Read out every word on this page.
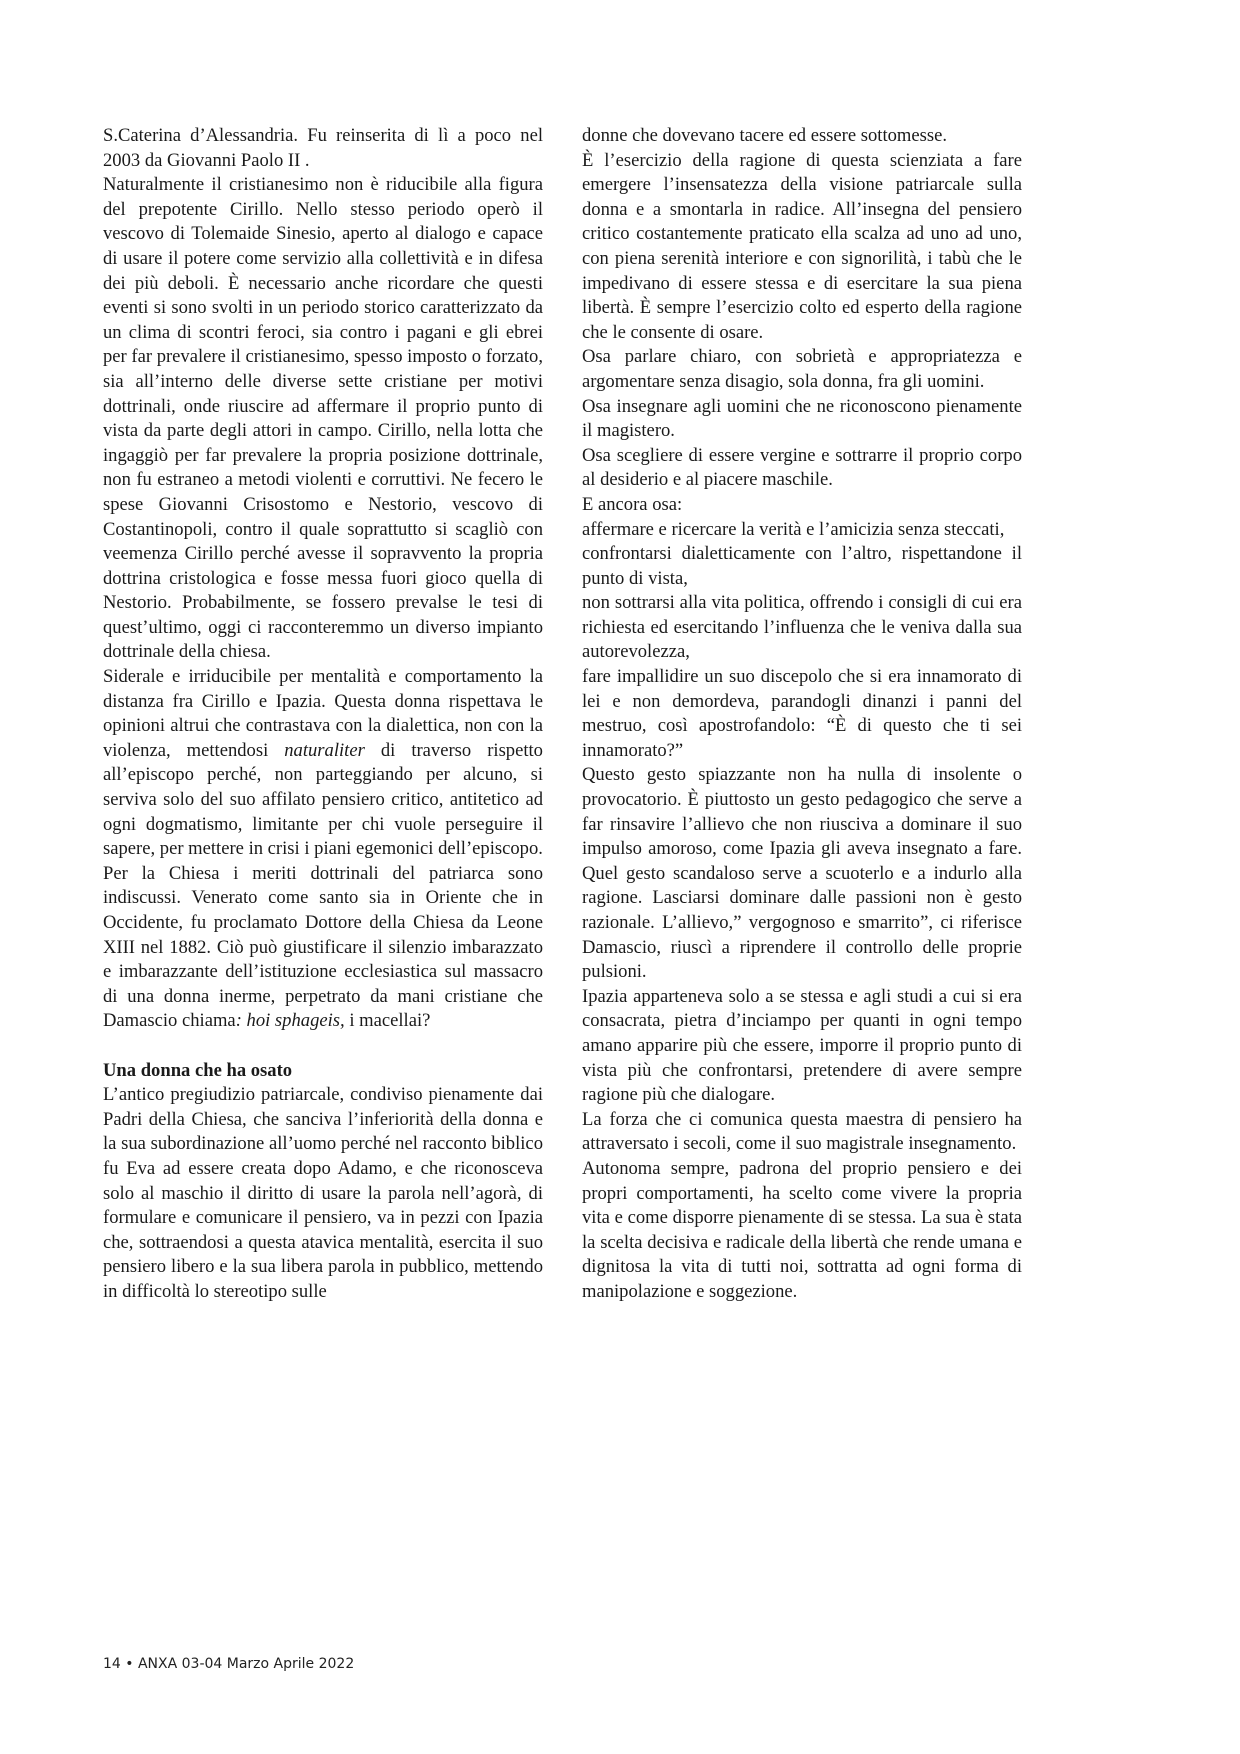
S.Caterina d’Alessandria. Fu reinserita di lì a poco nel 2003 da Giovanni Paolo II .

Naturalmente il cristianesimo non è riducibile alla figura del prepotente Cirillo. Nello stesso periodo operò il vescovo di Tolemaide Sinesio, aperto al dialogo e capace di usare il potere come servizio alla collettività e in difesa dei più deboli. È necessario anche ricordare che questi eventi si sono svolti in un periodo storico caratterizzato da un clima di scontri feroci, sia contro i pagani e gli ebrei per far prevalere il cristianesimo, spesso imposto o forzato, sia all’interno delle diverse sette cristiane per motivi dottrinali, onde riuscire ad affermare il proprio punto di vista da parte degli attori in campo. Cirillo, nella lotta che ingaggiò per far prevalere la propria posizione dottrinale, non fu estraneo a metodi violenti e corruttivi. Ne fecero le spese Giovanni Crisostomo e Nestorio, vescovo di Costantinopoli, contro il quale soprattutto si scagliò con veemenza Cirillo perché avesse il sopravvento la propria dottrina cristologica e fosse messa fuori gioco quella di Nestorio. Probabilmente, se fossero prevalse le tesi di quest’ultimo, oggi ci racconteremmo un diverso impianto dottrinale della chiesa.

Siderale e irriducibile per mentalità e comportamento la distanza fra Cirillo e Ipazia. Questa donna rispettava le opinioni altrui che contrastava con la dialettica, non con la violenza, mettendosi naturaliter di traverso rispetto all’episcopo perché, non parteggiando per alcuno, si serviva solo del suo affilato pensiero critico, antitetico ad ogni dogmatismo, limitante per chi vuole perseguire il sapere, per mettere in crisi i piani egemonici dell’episcopo.

Per la Chiesa i meriti dottrinali del patriarca sono indiscussi. Venerato come santo sia in Oriente che in Occidente, fu proclamato Dottore della Chiesa da Leone XIII nel 1882. Ciò può giustificare il silenzio imbarazzato e imbarazzante dell’istituzione ecclesiastica sul massacro di una donna inerme, perpetrato da mani cristiane che Damascio chiama: hoi sphageis, i macellai?

Una donna che ha osato

L’antico pregiudizio patriarcale, condiviso pienamente dai Padri della Chiesa, che sanciva l’inferiorità della donna e la sua subordinazione all’uomo perché nel racconto biblico fu Eva ad essere creata dopo Adamo, e che riconosceva solo al maschio il diritto di usare la parola nell’agorà, di formulare e comunicare il pensiero, va in pezzi con Ipazia che, sottraendosi a questa atavica mentalità, esercita il suo pensiero libero e la sua libera parola in pubblico, mettendo in difficoltà lo stereotipo sulle

donne che dovevano tacere ed essere sottomesse.

È l’esercizio della ragione di questa scienziata a fare emergere l’insensatezza della visione patriarcale sulla donna e a smontarla in radice. All’insegna del pensiero critico costantemente praticato ella scalza ad uno ad uno, con piena serenità interiore e con signorilità, i tabù che le impedivano di essere stessa e di esercitare la sua piena libertà. È sempre l’esercizio colto ed esperto della ragione che le consente di osare.

Osa parlare chiaro, con sobrietà e appropriatezza e argomentare senza disagio, sola donna, fra gli uomini.

Osa insegnare agli uomini che ne riconoscono pienamente il magistero.

Osa scegliere di essere vergine e sottrarre il proprio corpo al desiderio e al piacere maschile.

E ancora osa:

affermare e ricercare la verità e l’amicizia senza steccati,

confrontarsi dialetticamente con l’altro, rispettandone il punto di vista,

non sottrarsi alla vita politica, offrendo i consigli di cui era richiesta ed esercitando l’influenza che le veniva dalla sua autorevolezza,

fare impallidire un suo discepolo che si era innamorato di lei e non demordeva, parandogli dinanzi i panni del mestruo, così apostrofandolo: “È di questo che ti sei innamorato?”

Questo gesto spiazzante non ha nulla di insolente o provocatorio. È piuttosto un gesto pedagogico che serve a far rinsavire l’allievo che non riusciva a dominare il suo impulso amoroso, come Ipazia gli aveva insegnato a fare. Quel gesto scandaloso serve a scuoterlo e a indurlo alla ragione. Lasciarsi dominare dalle passioni non è gesto razionale. L’allievo,” vergognoso e smarrito”, ci riferisce Damascio, riuscì a riprendere il controllo delle proprie pulsioni.

Ipazia apparteneva solo a se stessa e agli studi a cui si era consacrata, pietra d’inciampo per quanti in ogni tempo amano apparire più che essere, imporre il proprio punto di vista più che confrontarsi, pretendere di avere sempre ragione più che dialogare.

La forza che ci comunica questa maestra di pensiero ha attraversato i secoli, come il suo magistrale insegnamento.

Autonoma sempre, padrona del proprio pensiero e dei propri comportamenti, ha scelto come vivere la propria vita e come disporre pienamente di se stessa. La sua è stata la scelta decisiva e radicale della libertà che rende umana e dignitosa la vita di tutti noi, sottratta ad ogni forma di manipolazione e soggezione.

14 • ANXA 03-04 Marzo Aprile 2022
